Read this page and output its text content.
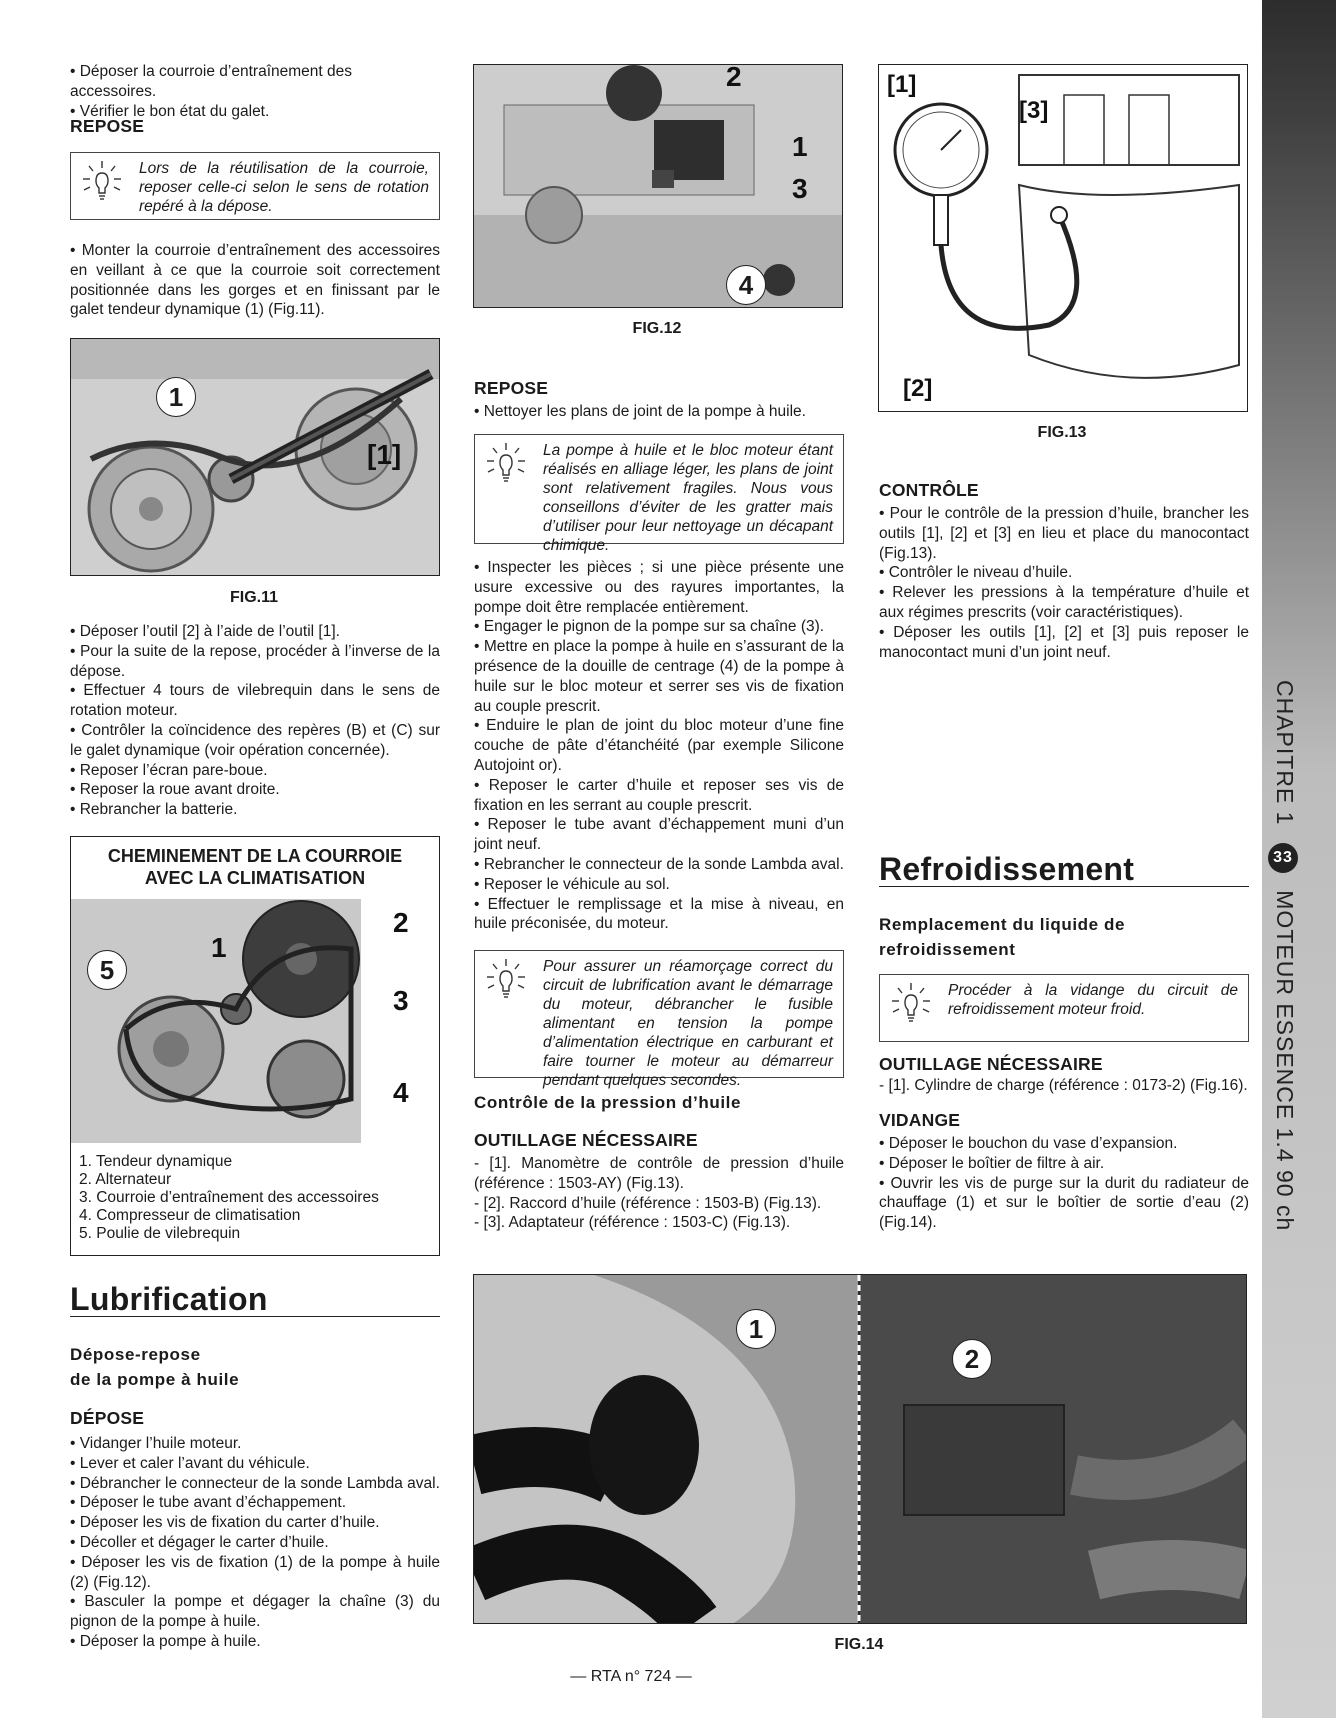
• Déposer la courroie d’entraînement des accessoires.

• Vérifier le bon état du galet.

REPOSE
Lors de la réutilisation de la courroie, reposer celle-ci selon le sens de rotation repéré à la dépose.
• Monter la courroie d’entraînement des accessoires en veillant à ce que la courroie soit correctement positionnée dans les gorges et en finissant par le galet tendeur dynamique (1) (Fig.11).
1
[1]
FIG.11

• Déposer l’outil [2] à l’aide de l’outil [1].

• Pour la suite de la repose, procéder à l’inverse de la dépose.

• Effectuer 4 tours de vilebrequin dans le sens de rotation moteur.

• Contrôler la coïncidence des repères (B) et (C) sur le galet dynamique (voir opération concernée).

• Reposer l’écran pare-boue.

• Reposer la roue avant droite.

• Rebrancher la batterie.

CHEMINEMENT DE LA COURROIE
AVEC LA CLIMATISATION
5
1
2
3
4
1. Tendeur dynamique
2. Alternateur
3. Courroie d’entraînement des accessoires
4. Compresseur de climatisation
5. Poulie de vilebrequin
Lubrification
Dépose-repose
de la pompe à huile
DÉPOSE

• Vidanger l’huile moteur.

• Lever et caler l’avant du véhicule.

• Débrancher le connecteur de la sonde Lambda aval.

• Déposer le tube avant d’échappement.

• Déposer les vis de fixation du carter d’huile.

• Décoller et dégager le carter d’huile.

• Déposer les vis de fixation (1) de la pompe à huile (2) (Fig.12).

• Basculer la pompe et dégager la chaîne (3) du pignon de la pompe à huile.

• Déposer la pompe à huile.

2
1
3
4
FIG.12
REPOSE
• Nettoyer les plans de joint de la pompe à huile.
La pompe à huile et le bloc moteur étant réalisés en alliage léger, les plans de joint sont relativement fragiles. Nous vous conseillons d’éviter de les gratter mais d’utiliser pour leur nettoyage un décapant chimique.

• Inspecter les pièces ; si une pièce présente une usure excessive ou des rayures importantes, la pompe doit être remplacée entièrement.

• Engager le pignon de la pompe sur sa chaîne (3).

• Mettre en place la pompe à huile en s’assurant de la présence de la douille de centrage (4) de la pompe à huile sur le bloc moteur et serrer ses vis de fixation au couple prescrit.

• Enduire le plan de joint du bloc moteur d’une fine couche de pâte d’étanchéité (par exemple Silicone Autojoint or).

• Reposer le carter d’huile et reposer ses vis de fixation en les serrant au couple prescrit.

• Reposer le tube avant d’échappement muni d’un joint neuf.

• Rebrancher le connecteur de la sonde Lambda aval.

• Reposer le véhicule au sol.

• Effectuer le remplissage et la mise à niveau, en huile préconisée, du moteur.

Pour assurer un réamorçage correct du circuit de lubrification avant le démarrage du moteur, débrancher le fusible alimentant en tension la pompe d’alimentation électrique en carburant et faire tourner le moteur au démarreur pendant quelques secondes.
Contrôle de la pression d’huile
OUTILLAGE NÉCESSAIRE

- [1]. Manomètre de contrôle de pression d’huile (référence : 1503-AY) (Fig.13).

- [2]. Raccord d’huile (référence : 1503-B) (Fig.13).

- [3]. Adaptateur (référence : 1503-C) (Fig.13).

[1]
[3]
[2]
FIG.13
CONTRÔLE

• Pour le contrôle de la pression d’huile, brancher les outils [1], [2] et [3] en lieu et place du manocontact (Fig.13).

• Contrôler le niveau d’huile.

• Relever les pressions à la température d’huile et aux régimes prescrits (voir caractéristiques).

• Déposer les outils [1], [2] et [3] puis reposer le manocontact muni d’un joint neuf.

Refroidissement
Remplacement du liquide de
refroidissement
Procéder à la vidange du circuit de refroidissement moteur froid.
OUTILLAGE NÉCESSAIRE
- [1]. Cylindre de charge (référence : 0173-2) (Fig.16).
VIDANGE

• Déposer le bouchon du vase d’expansion.

• Déposer le boîtier de filtre à air.

• Ouvrir les vis de purge sur la durit du radiateur de chauffage (1) et sur le boîtier de sortie d’eau (2) (Fig.14).

1
2
FIG.14
— RTA n° 724 —
CHAPITRE 1 33 MOTEUR ESSENCE 1.4 90 ch
